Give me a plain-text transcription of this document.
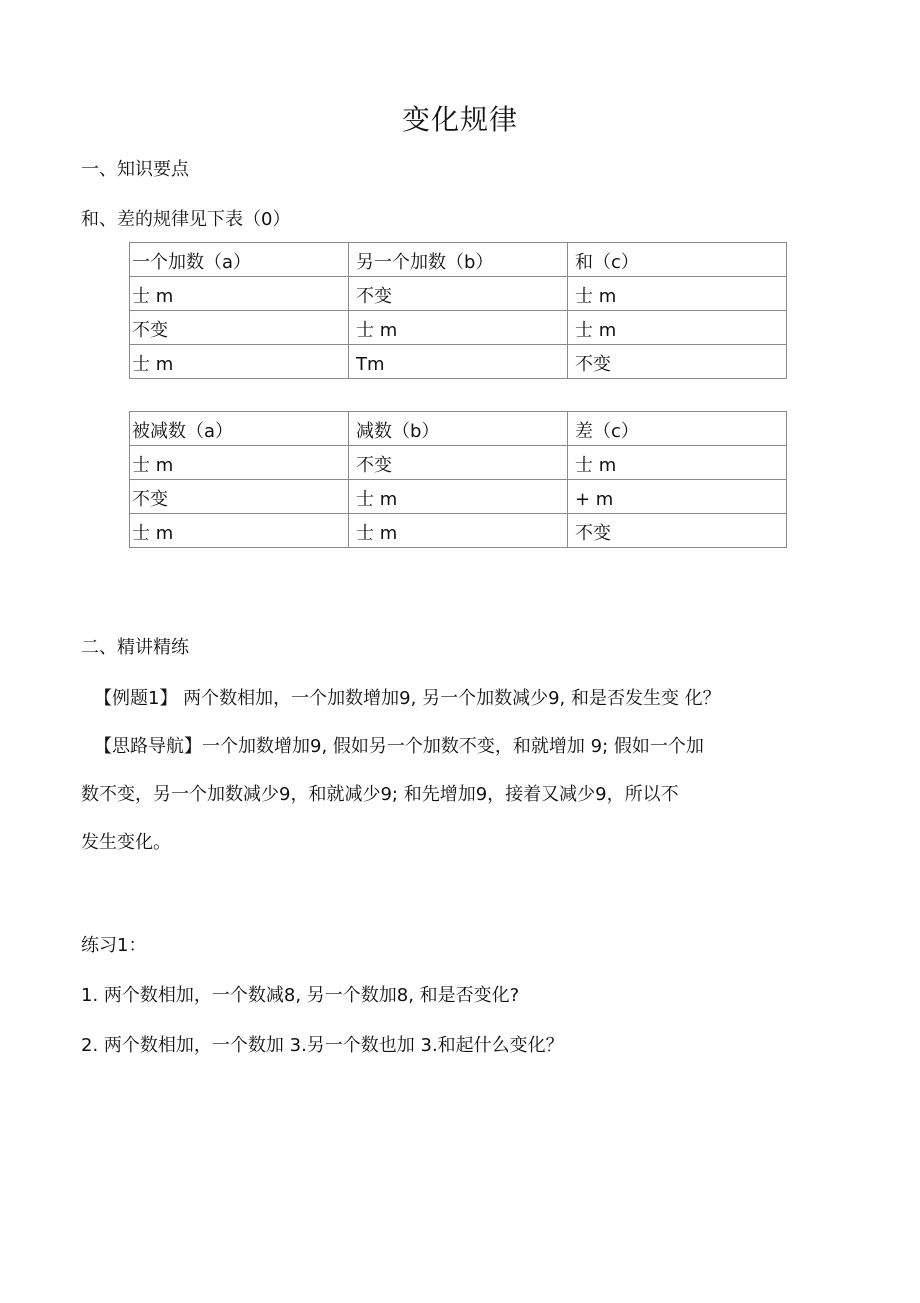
变化规律
一、知识要点
和、差的规律见下表（0）
一个加数（a）	另一个加数（b）	和（c）
士 m	不变	士 m
不变	士 m	士 m
士 m	Tm	不变
被减数（a）	减数（b）	差（c）
士 m	不变	士 m
不变	士 m	+ m
士 m	士 m	不变
二、精讲精练
【例题1】 两个数相加，一个加数增加9, 另一个加数减少9, 和是否发生变 化？
【思路导航】一个加数增加9, 假如另一个加数不变，和就增加 9; 假如一个加
数不变，另一个加数减少9，和就减少9; 和先增加9，接着又减少9，所以不
发生变化。
练习1：
1. 两个数相加，一个数减8, 另一个数加8, 和是否变化?
2. 两个数相加，一个数加 3.另一个数也加 3.和起什么变化？
